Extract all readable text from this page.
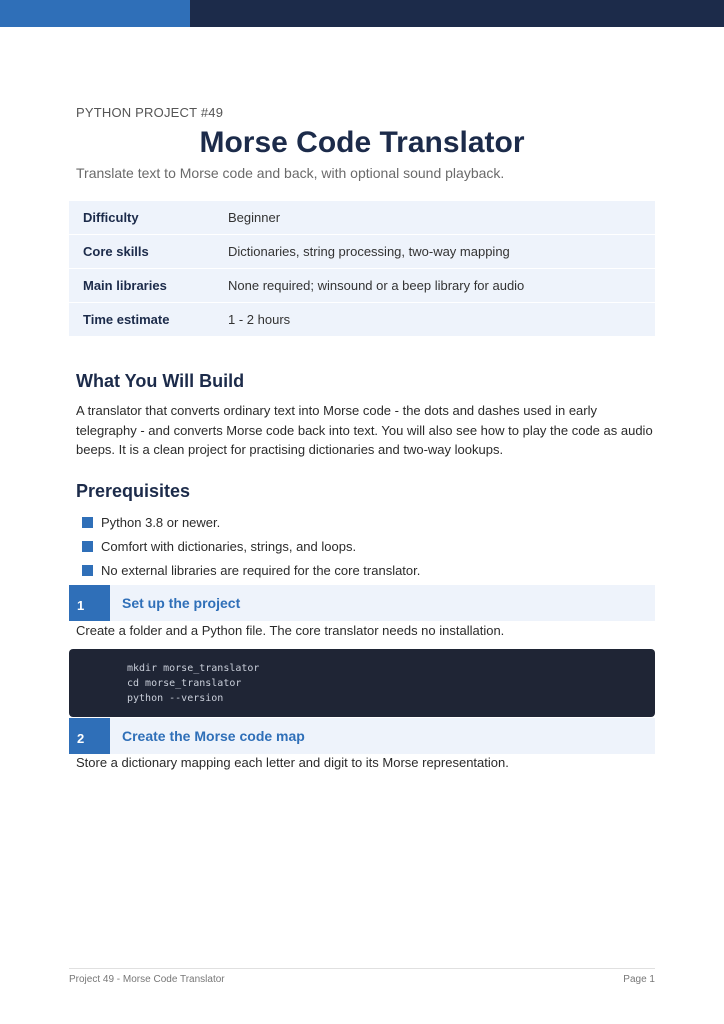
PYTHON PROJECT #49
Morse Code Translator
Translate text to Morse code and back, with optional sound playback.
Difficulty	Beginner
Core skills	Dictionaries, string processing, two-way mapping
Main libraries	None required; winsound or a beep library for audio
Time estimate	1 - 2 hours
What You Will Build
A translator that converts ordinary text into Morse code - the dots and dashes used in early telegraphy - and converts Morse code back into text. You will also see how to play the code as audio beeps. It is a clean project for practising dictionaries and two-way lookups.
Prerequisites
Python 3.8 or newer.
Comfort with dictionaries, strings, and loops.
No external libraries are required for the core translator.
1	Set up the project
Create a folder and a Python file. The core translator needs no installation.
mkdir morse_translator
cd morse_translator
python --version
2	Create the Morse code map
Store a dictionary mapping each letter and digit to its Morse representation.
Project 49 - Morse Code Translator	Page 1
